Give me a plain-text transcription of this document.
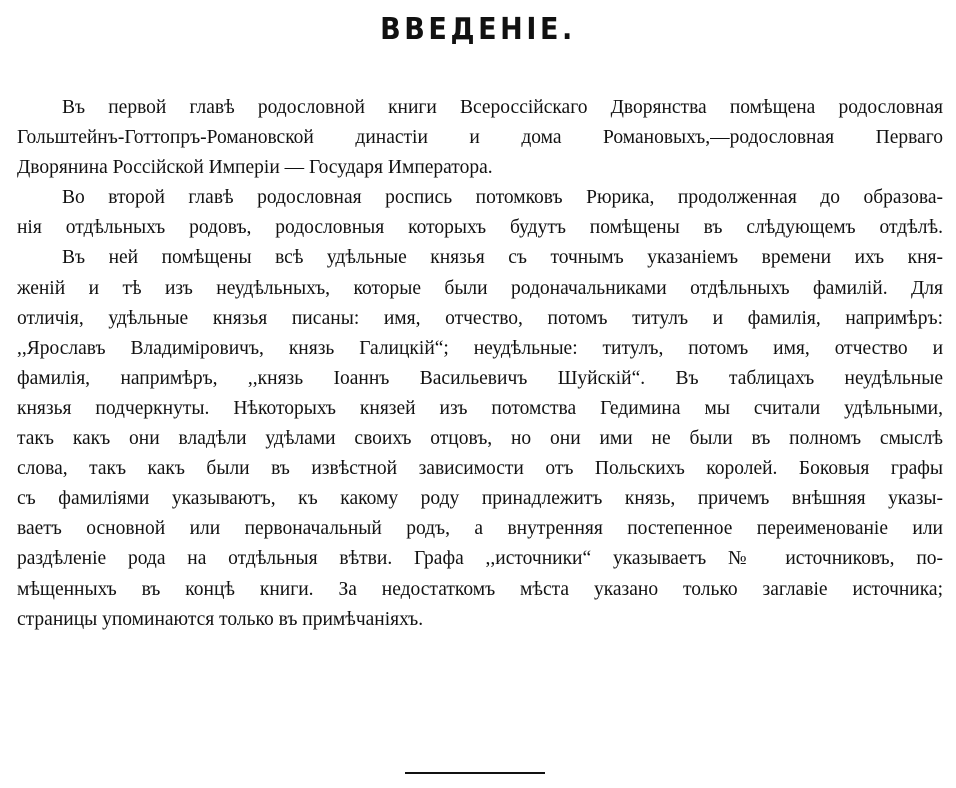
ВВЕДЕНІЕ.
Въ первой главѣ родословной книги Всероссійскаго Дворянства помѣщена родословная
Гольштейнъ-Готтопръ-Романовской династіи и дома Романовыхъ,—родословная Перваго
Дворянина Россійской Имперіи — Государя Императора.
Во второй главѣ родословная роспись потомковъ Рюрика, продолженная до образова-
нія отдѣльныхъ родовъ, родословныя которыхъ будутъ помѣщены въ слѣдующемъ отдѣлѣ.
Въ ней помѣщены всѣ удѣльные князья съ точнымъ указаніемъ времени ихъ кня-
женій и тѣ изъ неудѣльныхъ, которые были родоначальниками отдѣльныхъ фамилій. Для
отличія, удѣльные князья писаны: имя, отчество, потомъ титулъ и фамилія, напримѣръ:
,,Ярославъ Владиміровичъ, князь Галицкій“; неудѣльные: титулъ, потомъ имя, отчество и
фамилія, напримѣръ, ,,князь Іоаннъ Васильевичъ Шуйскій“. Въ таблицахъ неудѣльные
князья подчеркнуты. Нѣкоторыхъ князей изъ потомства Гедимина мы считали удѣльными,
такъ какъ они владѣли удѣлами своихъ отцовъ, но они ими не были въ полномъ смыслѣ
слова, такъ какъ были въ извѣстной зависимости отъ Польскихъ королей. Боковыя графы
съ фамиліями указываютъ, къ какому роду принадлежитъ князь, причемъ внѣшняя указы-
ваетъ основной или первоначальный родъ, а внутренняя постепенное переименованіе или
раздѣленіе рода на отдѣльныя вѣтви. Графа ,,источники“ указываетъ № источниковъ, по-
мѣщенныхъ въ концѣ книги. За недостаткомъ мѣста указано только заглавіе источника;
страницы упоминаются только въ примѣчаніяхъ.
